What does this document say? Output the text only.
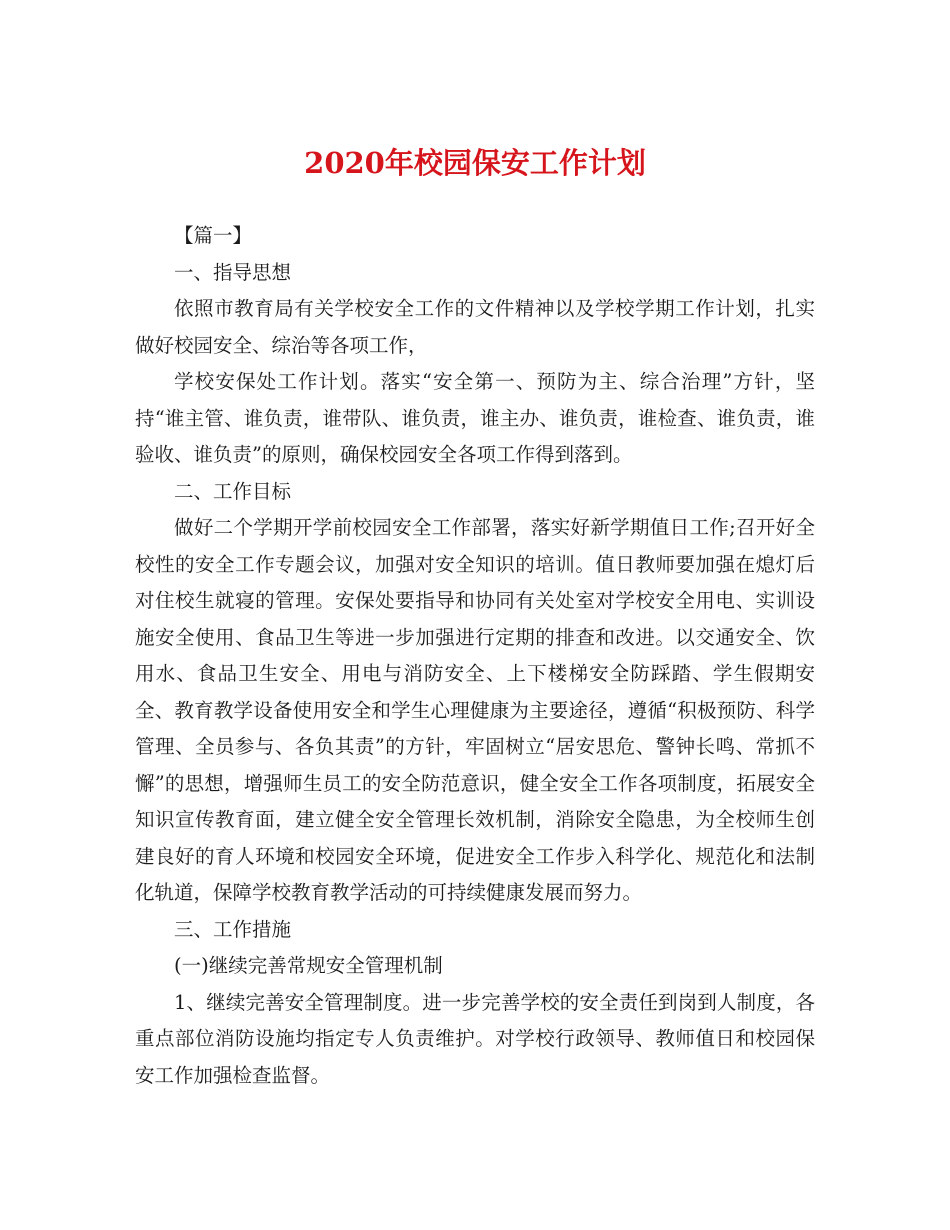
2020年校园保安工作计划

【篇一】

一、指导思想

依照市教育局有关学校安全工作的文件精神以及学校学期工作计划，扎实做好校园安全、综治等各项工作，

学校安保处工作计划。落实“安全第一、预防为主、综合治理”方针，坚持“谁主管、谁负责，谁带队、谁负责，谁主办、谁负责，谁检查、谁负责，谁验收、谁负责”的原则，确保校园安全各项工作得到落到。

二、工作目标

做好二个学期开学前校园安全工作部署，落实好新学期值日工作;召开好全校性的安全工作专题会议，加强对安全知识的培训。值日教师要加强在熄灯后对住校生就寝的管理。安保处要指导和协同有关处室对学校安全用电、实训设施安全使用、食品卫生等进一步加强进行定期的排查和改进。以交通安全、饮用水、食品卫生安全、用电与消防安全、上下楼梯安全防踩踏、学生假期安全、教育教学设备使用安全和学生心理健康为主要途径，遵循“积极预防、科学管理、全员参与、各负其责”的方针，牢固树立“居安思危、警钟长鸣、常抓不懈”的思想，增强师生员工的安全防范意识，健全安全工作各项制度，拓展安全知识宣传教育面，建立健全安全管理长效机制，消除安全隐患，为全校师生创建良好的育人环境和校园安全环境，促进安全工作步入科学化、规范化和法制化轨道，保障学校教育教学活动的可持续健康发展而努力。

三、工作措施

(一)继续完善常规安全管理机制

1、继续完善安全管理制度。进一步完善学校的安全责任到岗到人制度，各重点部位消防设施均指定专人负责维护。对学校行政领导、教师值日和校园保安工作加强检查监督。
